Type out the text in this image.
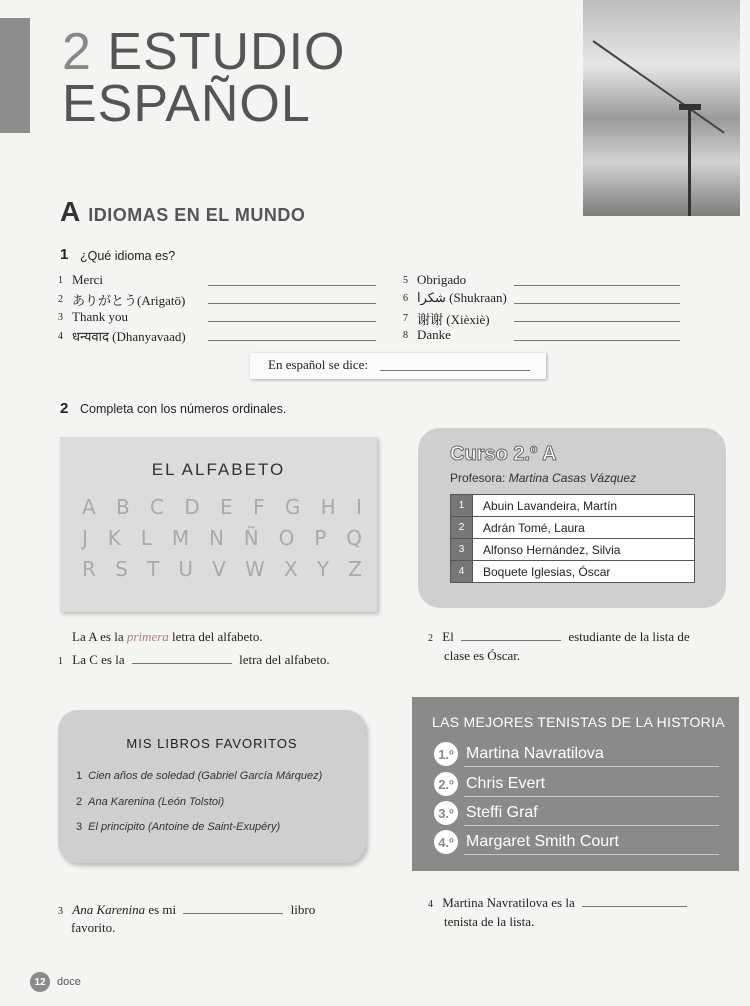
2 ESTUDIO
ESPAÑOL
A IDIOMAS EN EL MUNDO
1 ¿Qué idioma es?
1 Merci
2 ありがとう(Arigatō)
3 Thank you
4 धन्यवाद (Dhanyavaad)
5 Obrigado
6 شكرا (Shukraan)
7 谢谢 (Xièxiè)
8 Danke
En español se dice:
2 Completa con los números ordinales.
EL ALFABETO
A B C D E F G H I
J K L M N Ñ O P Q
R S T U V W X Y Z
Curso 2.º A
Profesora: Martina Casas Vázquez
1	Abuin Lavandeira, Martín
2	Adrán Tomé, Laura
3	Alfonso Hernández, Silvia
4	Boquete Iglesias, Óscar
La A es la primera letra del alfabeto.
1 La C es la	letra del alfabeto.
2 El	estudiante de la lista de
clase es Óscar.
MIS LIBROS FAVORITOS
1 Cien años de soledad (Gabriel García Márquez)
2 Ana Karenina (León Tolstoi)
3 El principito (Antoine de Saint-Exupéry)
LAS MEJORES TENISTAS DE LA HISTORIA
1.º Martina Navratilova
2.º Chris Evert
3.º Steffi Graf
4.º Margaret Smith Court
3 Ana Karenina es mi	libro
favorito.
4 Martina Navratilova es la
tenista de la lista.
12	doce
